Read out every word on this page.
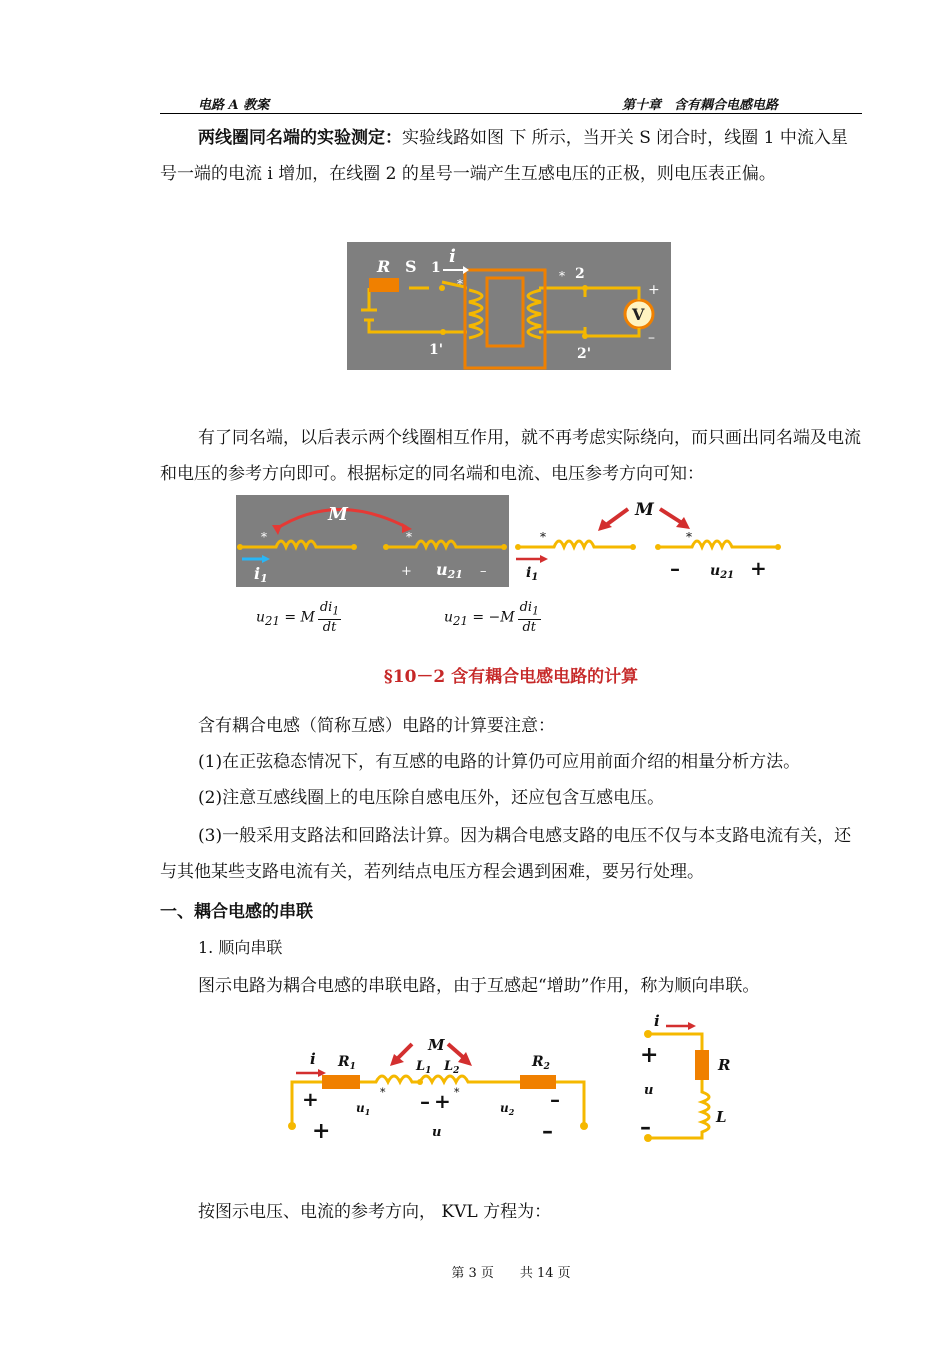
电路 A 教案	第十章　含有耦合电感电路
两线圈同名端的实验测定：实验线路如图 下 所示，当开关 S 闭合时，线圈 1 中流入星号一端的电流 i 增加，在线圈 2 的星号一端产生互感电压的正极，则电压表正偏。
*
*
R S 1
i
2
1'	2'
V
+
–
有了同名端，以后表示两个线圈相互作用，就不再考虑实际绕向，而只画出同名端及电流和电压的参考方向即可。根据标定的同名端和电流、电压参考方向可知：
M
*	*
i1	+ u21 –
M
*	*
$i_1$	– $u_{21}$ +
$u_{21} = M \frac{di_1}{dt}$	$u_{21} = -M \frac{di_1}{dt}$
§10－2 含有耦合电感电路的计算
含有耦合电感（简称互感）电路的计算要注意：
(1)在正弦稳态情况下，有互感的电路的计算仍可应用前面介绍的相量分析方法。
(2)注意互感线圈上的电压除自感电压外，还应包含互感电压。
(3)一般采用支路法和回路法计算。因为耦合电感支路的电压不仅与本支路电流有关，还与其他某些支路电流有关，若列结点电压方程会遇到困难，要另行处理。
一、耦合电感的串联
1. 顺向串联
图示电路为耦合电感的串联电路，由于互感起“增助”作用，称为顺向串联。
i $R_1$
M
$L_1$ $L_2$
$R_2$
+	$u_1$
* – + *
$u_2$
–
+	u	–
i
R
L
+
u
–
按图示电压、电流的参考方向， KVL 方程为：
第 3 页　　共 14 页
